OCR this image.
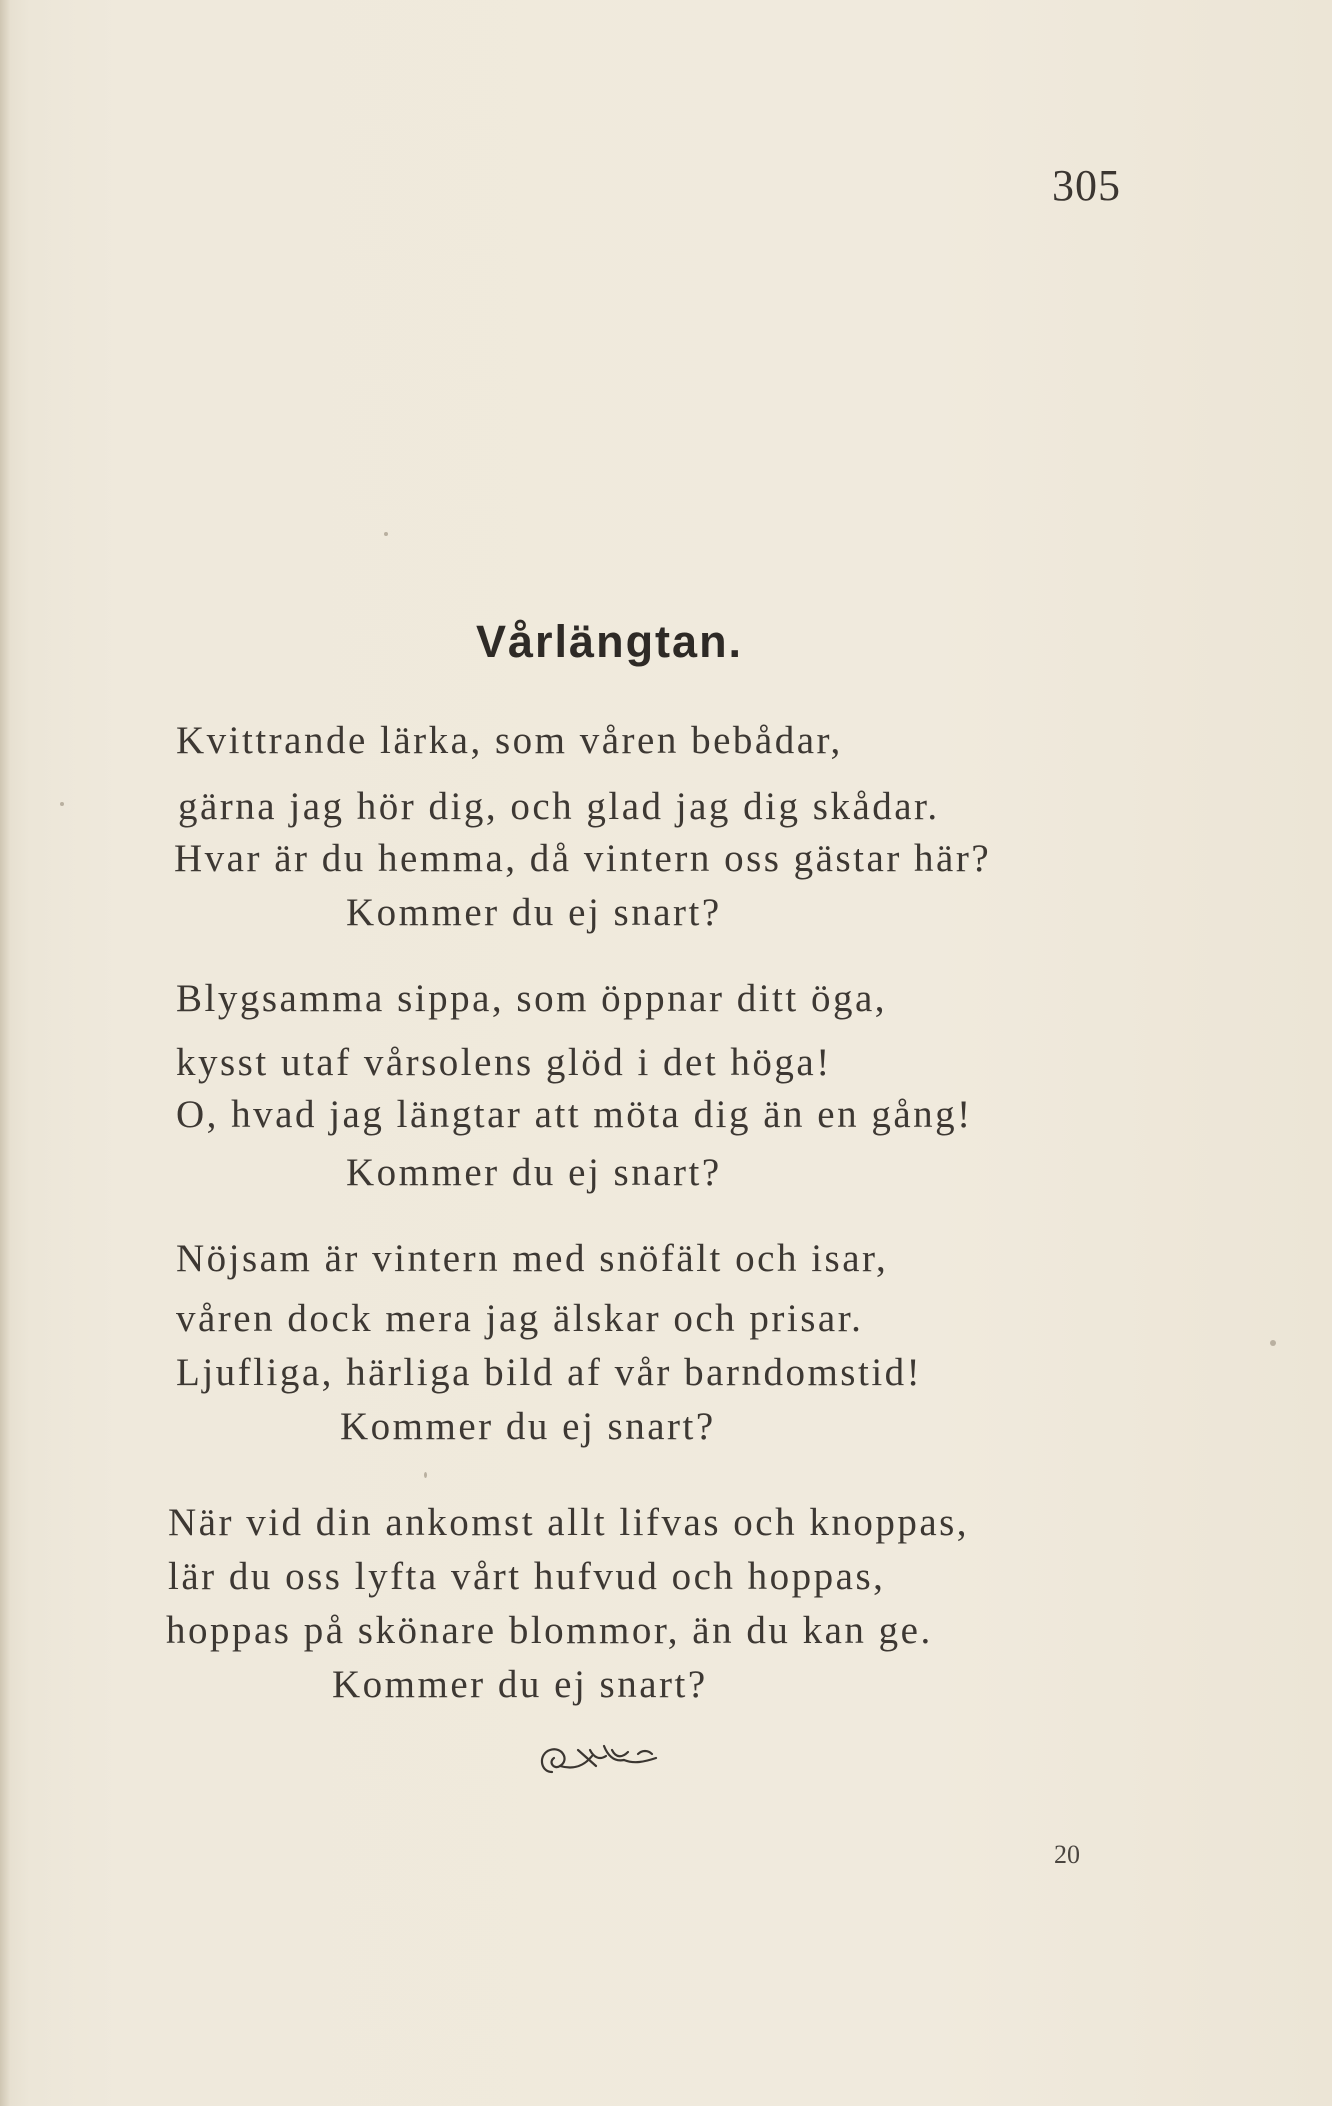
305
Vårlängtan.
Kvittrande lärka, som våren bebådar,
gärna jag hör dig, och glad jag dig skådar.
Hvar är du hemma, då vintern oss gästar här?
Kommer du ej snart?
Blygsamma sippa, som öppnar ditt öga,
kysst utaf vårsolens glöd i det höga!
O, hvad jag längtar att möta dig än en gång!
Kommer du ej snart?
Nöjsam är vintern med snöfält och isar,
våren dock mera jag älskar och prisar.
Ljufliga, härliga bild af vår barndomstid!
Kommer du ej snart?
När vid din ankomst allt lifvas och knoppas,
lär du oss lyfta vårt hufvud och hoppas,
hoppas på skönare blommor, än du kan ge.
Kommer du ej snart?
20
